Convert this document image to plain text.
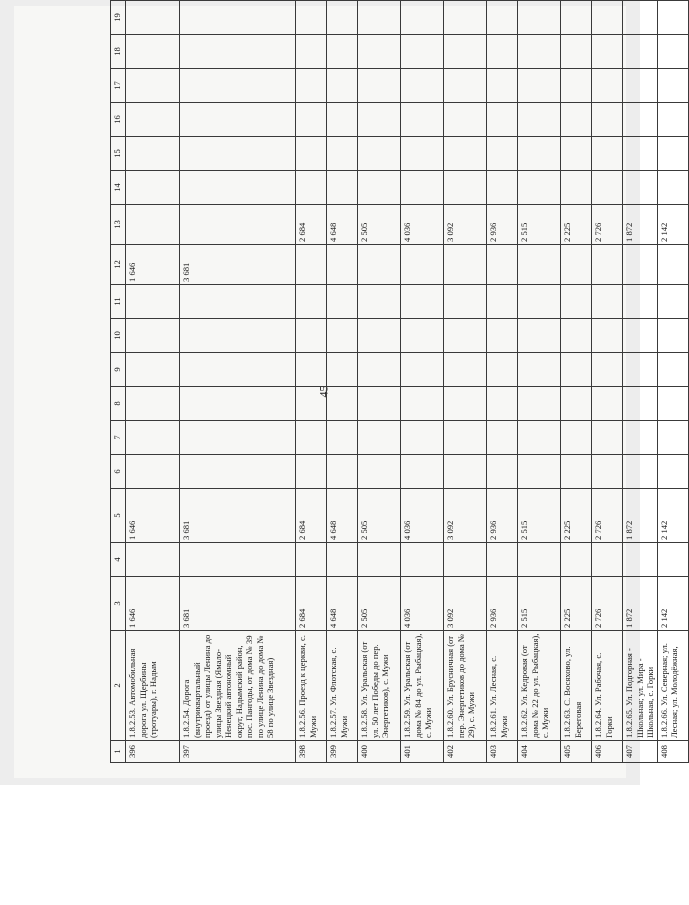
45
1	2	3	4	5	6	7	8	9	10	11	12	13	14	15	16	17	18	19
396	1.8.2.53. Автомобильная дорога ул. Щербины (тротуары), г. Надым	1 646		1 646							1 646							
397	1.8.2.54. Дорога (внутриквартальный проезд) от улицы Ленина до улицы Звездная (Ямало-Ненецкий автономный округ, Надымский район, пос. Пангоды, от дома № 39 по улице Ленина до дома № 58 по улице Звездная)	3 681		3 681							3 681							
398	1.8.2.56. Проезд к церкви, с. Мужи	2 684		2 684								2 684						
399	1.8.2.57. Ул. Флотская, с. Мужи	4 648		4 648								4 648						
400	1.8.2.58. Ул. Уральская (от ул. 50 лет Победы до пер. Энергетиков), с. Мужи	2 505		2 505								2 505						
401	1.8.2.59. Ул. Уральская (от дома № 84 до ул. Рыбацкая), с. Мужи	4 036		4 036								4 036						
402	1.8.2.60. Ул. Брусничная (от пер. Энергетиков до дома № 29), с. Мужи	3 092		3 092								3 092						
403	1.8.2.61. Ул. Лесная, с. Мужи	2 936		2 936								2 936						
404	1.8.2.62. Ул. Кедровая (от дома № 22 до ул. Рыбацкая), с. Мужи	2 515		2 515								2 515						
405	1.8.2.63. С. Восяхово, ул. Береговая	2 225		2 225								2 225						
406	1.8.2.64. Ул. Рабочая, с. Горки	2 726		2 726								2 726						
407	1.8.2.65. Ул. Подгорная - Школьная; ул. Мира - Школьная, с. Горки	1 872		1 872								1 872						
408	1.8.2.66. Ул. Северная; ул. Лесная; ул. Молодёжная,	2 142		2 142								2 142						
